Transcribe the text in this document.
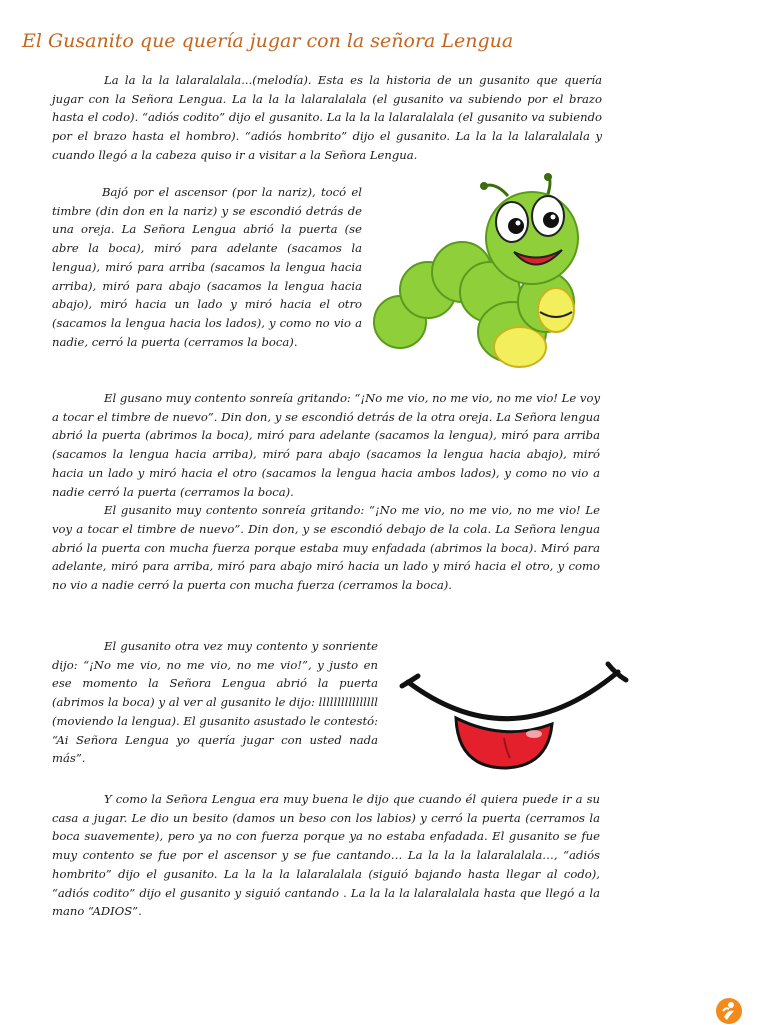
El Gusanito que quería jugar con la señora Lengua

La la la la lalaralalala...(melodía). Esta es la historia de un gusanito que quería jugar con la Señora Lengua. La la la la lalaralalala (el gusanito va subiendo por el brazo hasta el codo). “adiós codito” dijo el gusanito. La la la la lalaralalala (el gusanito va subiendo por el brazo hasta el hombro). “adiós hombrito” dijo el gusanito. La la la la lalaralalala y cuando llegó a la cabeza quiso ir a visitar a la Señora Lengua.

Bajó por el ascensor (por la nariz), tocó el timbre (din don en la nariz) y se escondió detrás de una oreja. La Señora Lengua abrió la puerta (se abre la boca), miró para adelante (sacamos la lengua), miró para arriba (sacamos la lengua hacia arriba), miró para abajo (sacamos la lengua hacia abajo), miró hacia un lado y miró hacia el otro (sacamos la lengua hacia los lados), y como no vio a nadie, cerró la puerta (cerramos la boca).

El gusano muy contento sonreía gritando: “¡No me vio, no me vio, no me vio! Le voy a tocar el timbre de nuevo”. Din don, y se escondió detrás de la otra oreja. La Señora lengua abrió la puerta (abrimos la boca), miró para adelante (sacamos la lengua), miró para arriba (sacamos la lengua hacia arriba), miró para abajo (sacamos la lengua hacia abajo), miró hacia un lado y miró hacia el otro (sacamos la lengua hacia ambos lados), y como no vio a nadie cerró la puerta (cerramos la boca).

El gusanito muy contento sonreía gritando: “¡No me vio, no me vio, no me vio! Le voy a tocar el timbre de nuevo”. Din don, y se escondió debajo de la cola. La Señora lengua abrió la puerta con mucha fuerza porque estaba muy enfadada (abrimos la boca). Miró para adelante, miró para arriba, miró para abajo miró hacia un lado y miró hacia el otro, y como no vio a nadie cerró la puerta con mucha fuerza (cerramos la boca).

El gusanito otra vez muy contento y sonriente dijo: “¡No me vio, no me vio, no me vio!”, y justo en ese momento la Señora Lengua abrió la puerta (abrimos la boca) y al ver al gusanito le dijo: llllllllllllllll (moviendo la lengua). El gusanito asustado le contestó: “Ai Señora Lengua yo quería jugar con usted nada más”.

Y como la Señora Lengua era muy buena le dijo que cuando él quiera puede ir a su casa a jugar. Le dio un besito (damos un beso con los labios) y cerró la puerta (cerramos la boca suavemente), pero ya no con fuerza porque ya no estaba enfadada. El gusanito se fue muy contento se fue por el ascensor y se fue cantando… La la la la lalaralalala…, “adiós hombrito” dijo el gusanito. La la la la lalaralalala (siguió bajando hasta llegar al codo), “adiós codito” dijo el gusanito y siguió cantando . La la la la lalaralalala hasta que llegó a la mano “ADIOS”.
